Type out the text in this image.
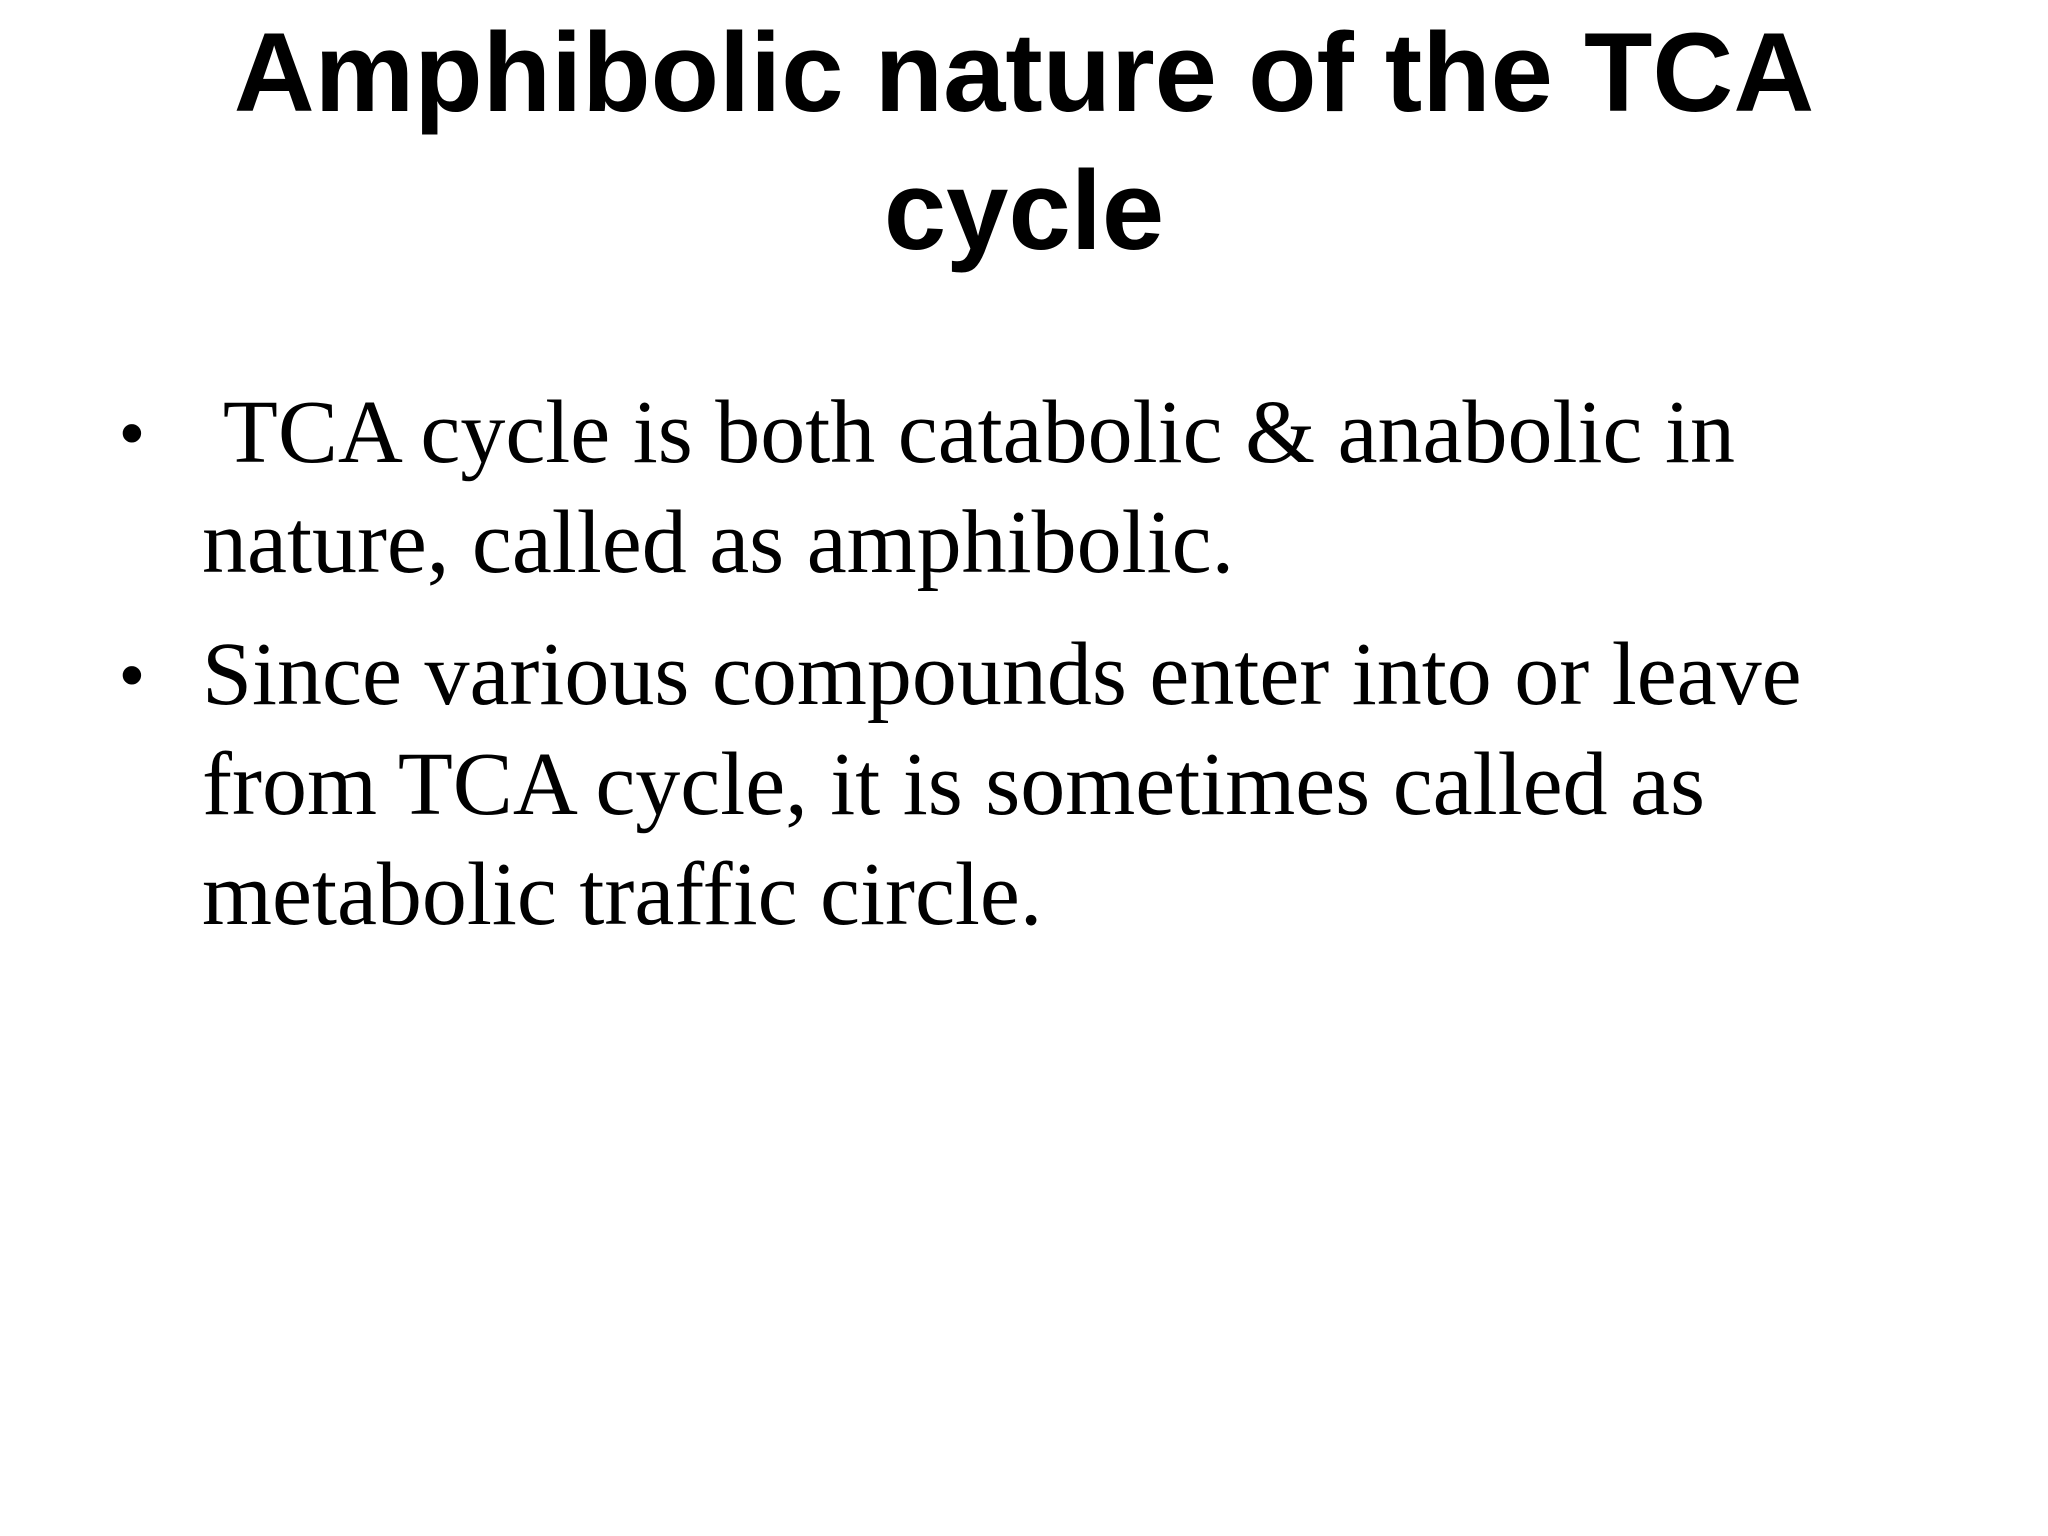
Amphibolic nature of the TCA
cycle
• TCA cycle is both catabolic & anabolic in
nature, called as amphibolic.
• Since various compounds enter into or leave
from TCA cycle, it is sometimes called as
metabolic traffic circle.
